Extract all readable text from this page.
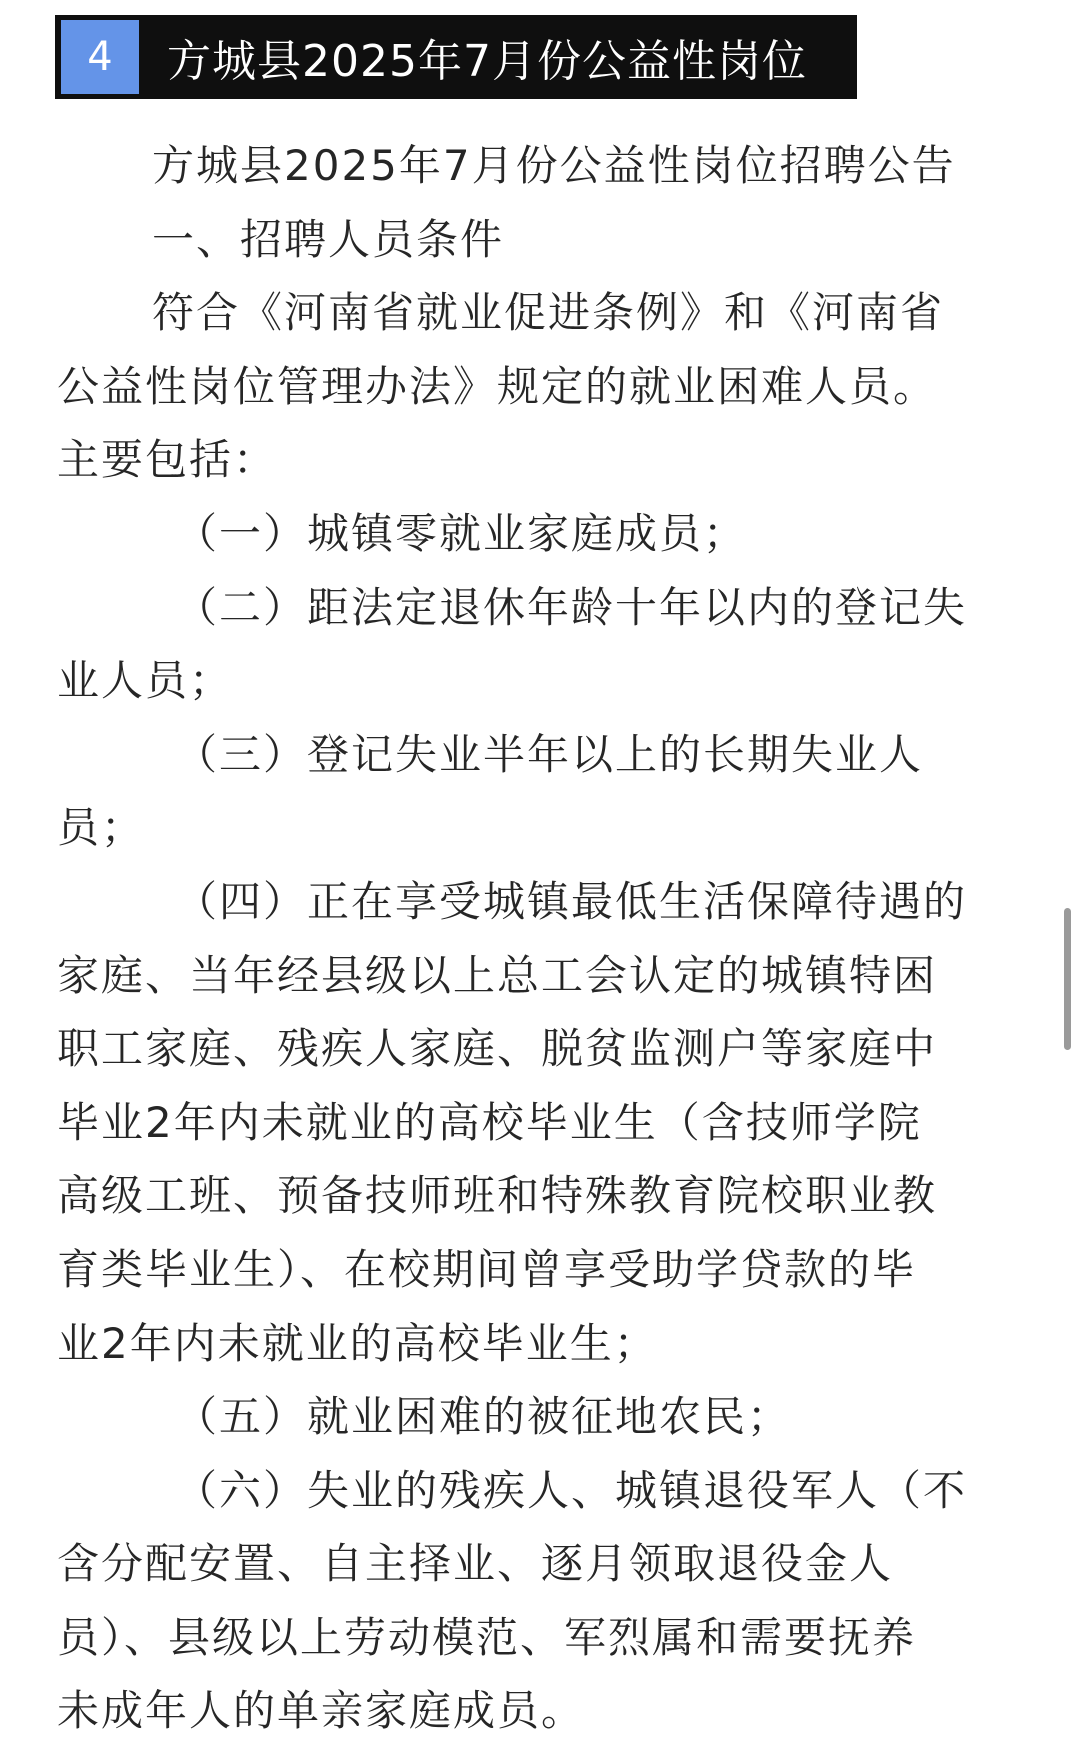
4	方城县2025年7月份公益性岗位
方城县2025年7月份公益性岗位招聘公告
一、招聘人员条件
符合《河南省就业促进条例》和《河南省
公益性岗位管理办法》规定的就业困难人员。
主要包括：
（一）城镇零就业家庭成员；
（二）距法定退休年龄十年以内的登记失
业人员；
（三）登记失业半年以上的长期失业人
员；
（四）正在享受城镇最低生活保障待遇的
家庭、当年经县级以上总工会认定的城镇特困
职工家庭、残疾人家庭、脱贫监测户等家庭中
毕业2年内未就业的高校毕业生（含技师学院
高级工班、预备技师班和特殊教育院校职业教
育类毕业生）、在校期间曾享受助学贷款的毕
业2年内未就业的高校毕业生；
（五）就业困难的被征地农民；
（六）失业的残疾人、城镇退役军人（不
含分配安置、自主择业、逐月领取退役金人
员）、县级以上劳动模范、军烈属和需要抚养
未成年人的单亲家庭成员。
